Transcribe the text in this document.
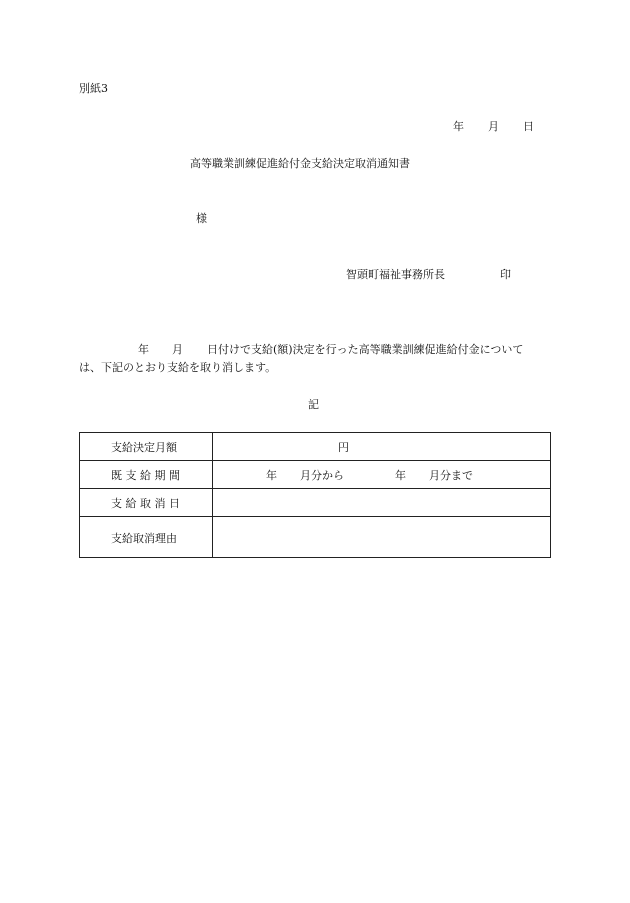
別紙3
年 月 日
高等職業訓練促進給付金支給決定取消通知書
様
智頭町福祉事務所長	印
年 月 日付けで支給(額)決定を行った高等職業訓練促進給付金について
は、下記のとおり支給を取り消します。
記
支給決定月額	円
既 支 給 期 間	年 月分から	年 月分まで
支 給 取 消 日
支給取消理由
